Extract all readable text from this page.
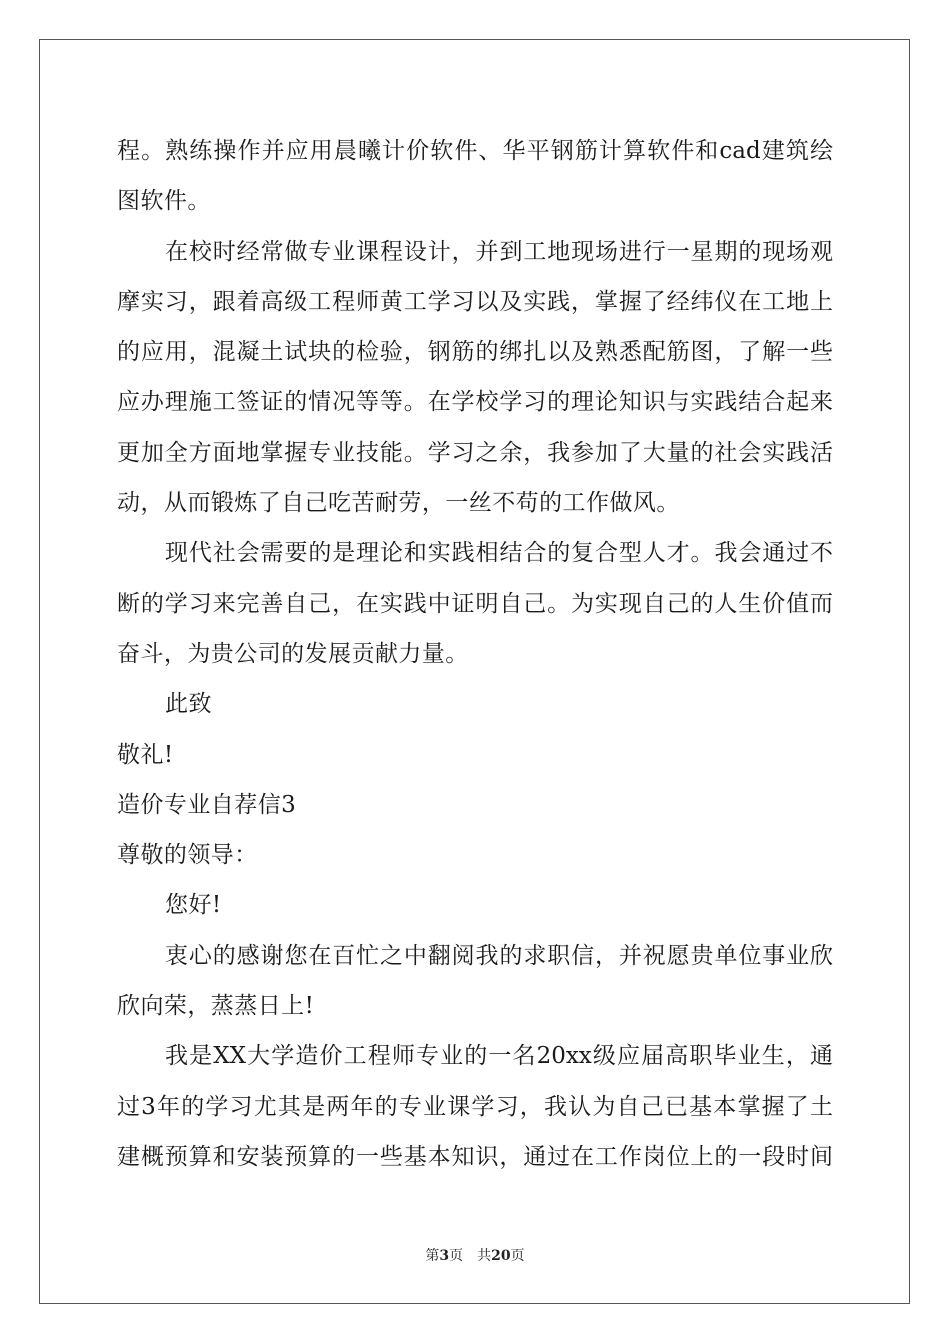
程。熟练操作并应用晨曦计价软件、华平钢筋计算软件和cad建筑绘
图软件。
在校时经常做专业课程设计，并到工地现场进行一星期的现场观
摩实习，跟着高级工程师黄工学习以及实践，掌握了经纬仪在工地上
的应用，混凝土试块的检验，钢筋的绑扎以及熟悉配筋图，了解一些
应办理施工签证的情况等等。在学校学习的理论知识与实践结合起来
更加全方面地掌握专业技能。学习之余，我参加了大量的社会实践活
动，从而锻炼了自己吃苦耐劳，一丝不苟的工作做风。
现代社会需要的是理论和实践相结合的复合型人才。我会通过不
断的学习来完善自己，在实践中证明自己。为实现自己的人生价值而
奋斗，为贵公司的发展贡献力量。
此致
敬礼!
造价专业自荐信3
尊敬的领导：
您好!
衷心的感谢您在百忙之中翻阅我的求职信，并祝愿贵单位事业欣
欣向荣，蒸蒸日上!
我是XX大学造价工程师专业的一名20xx级应届高职毕业生，通
过3年的学习尤其是两年的专业课学习，我认为自己已基本掌握了土
建概预算和安装预算的一些基本知识，通过在工作岗位上的一段时间
第3页 共20页
